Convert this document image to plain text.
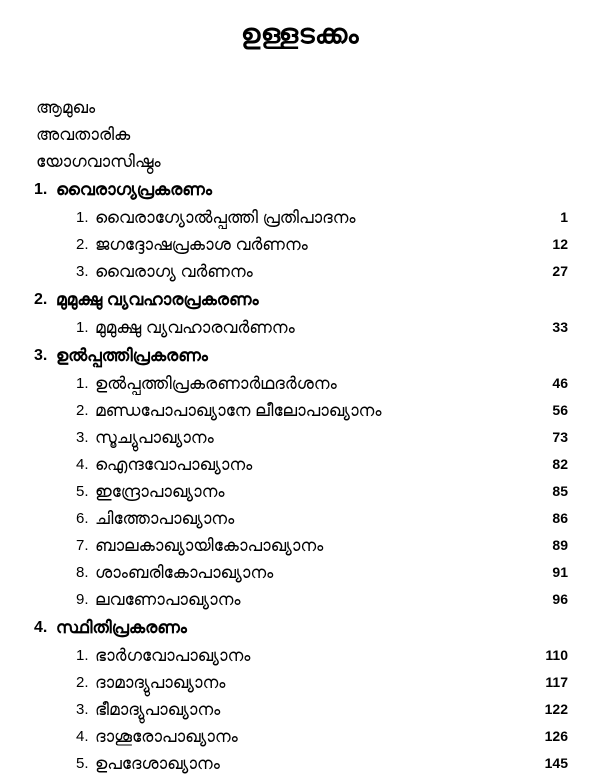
ഉള്ളടക്കം
ആമുഖം
അവതാരിക
യോഗവാസിഷ്ഠം
1. വൈരാഗ്യപ്രകരണം
1. വൈരാഗ്യോൽപ്പത്തി പ്രതിപാദനം	1
2. ജഗദ്ദോഷപ്രകാശ വർണനം	12
3. വൈരാഗ്യ വർണനം	27
2. മുമുക്ഷു വ്യവഹാരപ്രകരണം
1. മുമുക്ഷു വ്യവഹാരവർണനം	33
3. ഉൽപ്പത്തിപ്രകരണം
1. ഉൽപ്പത്തിപ്രകരണാർഥദർശനം	46
2. മണ്ഡപോപാഖ്യാനേ ലീലോപാഖ്യാനം	56
3. സൂച്യുപാഖ്യാനം	73
4. ഐന്ദവോപാഖ്യാനം	82
5. ഇന്ദ്രോപാഖ്യാനം	85
6. ചിത്തോപാഖ്യാനം	86
7. ബാലകാഖ്യായികോപാഖ്യാനം	89
8. ശാംബരികോപാഖ്യാനം	91
9. ലവണോപാഖ്യാനം	96
4. സ്ഥിതിപ്രകരണം
1. ഭാർഗവോപാഖ്യാനം	110
2. ദാമാദ്യുപാഖ്യാനം	117
3. ഭീമാദ്യുപാഖ്യാനം	122
4. ദാശൂരോപാഖ്യാനം	126
5. ഉപദേശാഖ്യാനം	145
